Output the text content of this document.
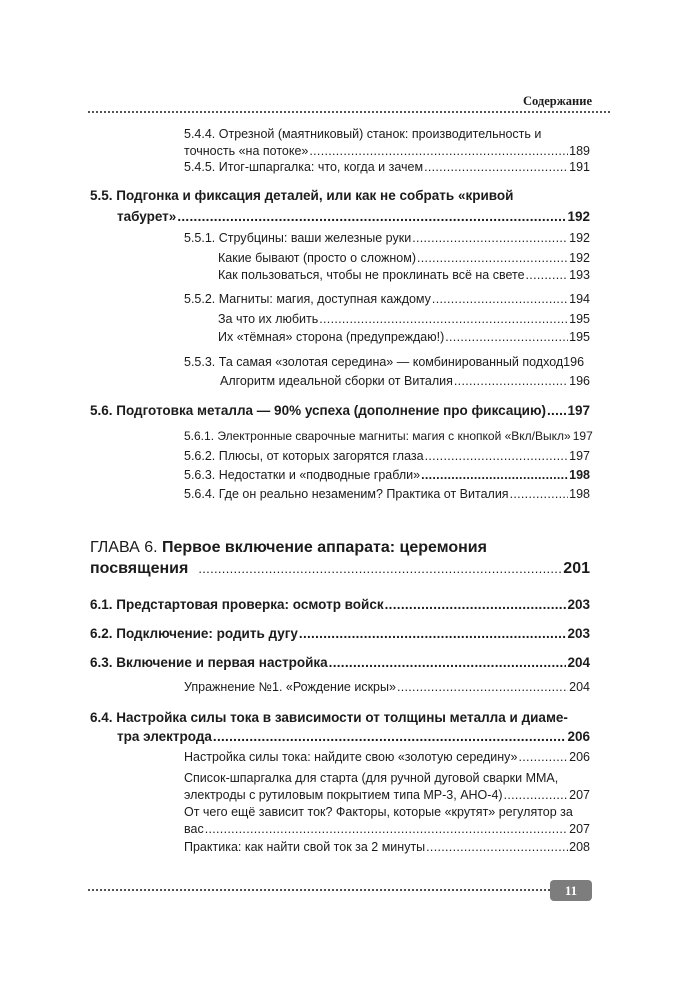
Содержание
5.4.4. Отрезной (маятниковый) станок: производительность и
точность «на потоке» .....	189
5.4.5. Итог-шпаргалка: что, когда и зачем .....	191
5.5. Подгонка и фиксация деталей, или как не собрать «кривой
табурет» .....	192
5.5.1. Струбцины: ваши железные руки .....	192
Какие бывают (просто о сложном) .....	192
Как пользоваться, чтобы не проклинать всё на свете .....	193
5.5.2. Магниты: магия, доступная каждому .....	194
За что их любить .....	195
Их «тёмная» сторона (предупреждаю!) .....	195
5.5.3. Та самая «золотая середина» — комбинированный подход 196
Алгоритм идеальной сборки от Виталия .....	196
5.6. Подготовка металла — 90% успеха (дополнение про фиксацию) ..... 197
5.6.1. Электронные сварочные магниты: магия с кнопкой «Вкл/Выкл» 197
5.6.2. Плюсы, от которых загорятся глаза .....	197
5.6.3. Недостатки и «подводные грабли» .....	198
5.6.4. Где он реально незаменим? Практика от Виталия .....	198
ГЛАВА 6. Первое включение аппарата: церемония
посвящения .....	201
6.1. Предстартовая проверка: осмотр войск .....	203
6.2. Подключение: родить дугу .....	203
6.3. Включение и первая настройка .....	204
Упражнение №1. «Рождение искры» .....	204
6.4. Настройка силы тока в зависимости от толщины металла и диаме-
тра электрода .....	206
Настройка силы тока: найдите свою «золотую середину» .....	206
Список-шпаргалка для старта (для ручной дуговой сварки ММА,
электроды с рутиловым покрытием типа МР-3, АНО-4) .....	207
От чего ещё зависит ток? Факторы, которые «крутят» регулятор за
вас .....	207
Практика: как найти свой ток за 2 минуты .....	208
11
